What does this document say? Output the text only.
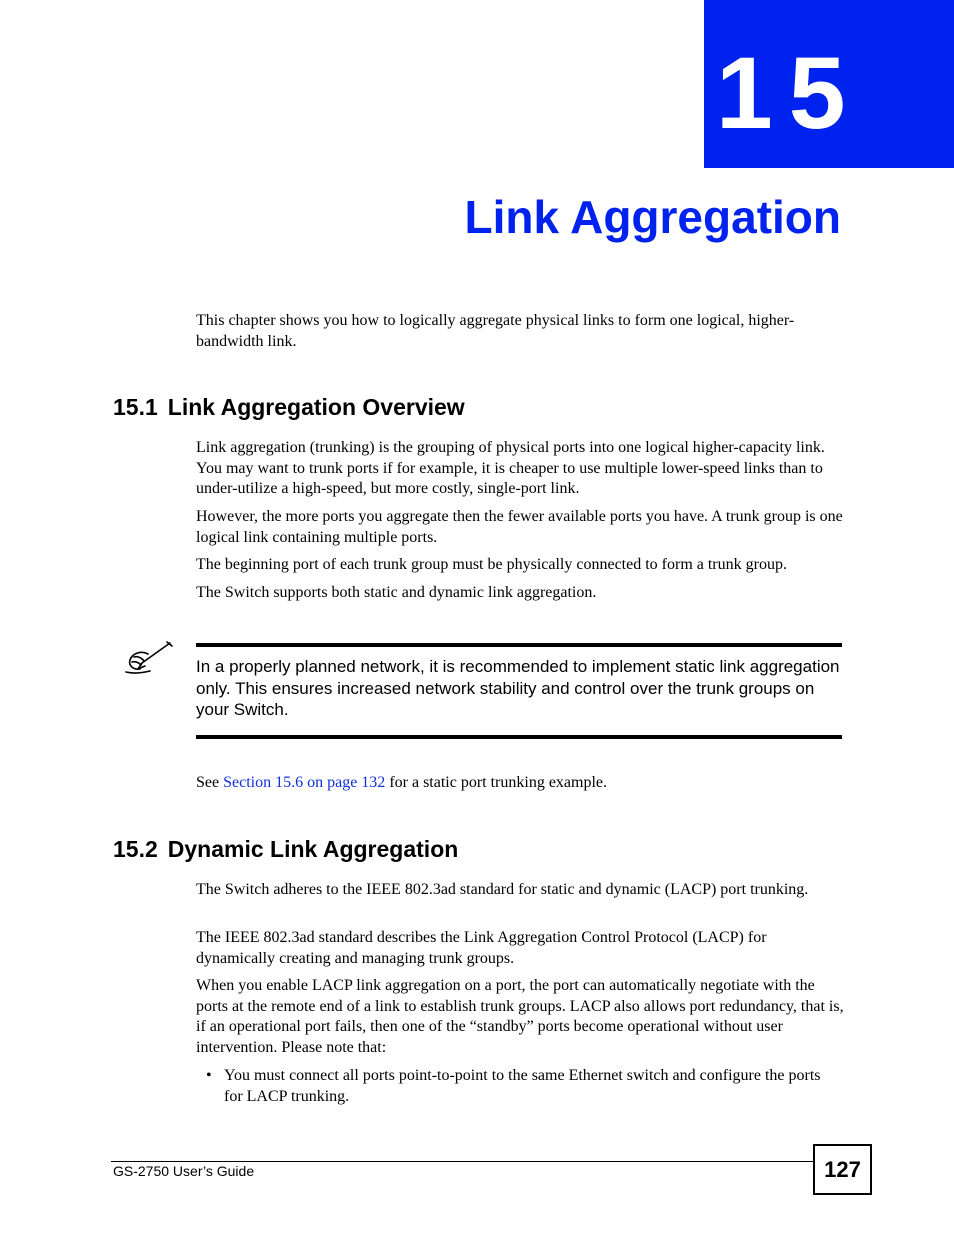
15
Link Aggregation

This chapter shows you how to logically aggregate physical links to form one logical, higher-bandwidth link.

15.1 Link Aggregation Overview

Link aggregation (trunking) is the grouping of physical ports into one logical higher-capacity link. You may want to trunk ports if for example, it is cheaper to use multiple lower-speed links than to under-utilize a high-speed, but more costly, single-port link.

However, the more ports you aggregate then the fewer available ports you have. A trunk group is one logical link containing multiple ports.

The beginning port of each trunk group must be physically connected to form a trunk group.

The Switch supports both static and dynamic link aggregation.

In a properly planned network, it is recommended to implement static link aggregation only. This ensures increased network stability and control over the trunk groups on your Switch.

See Section 15.6 on page 132 for a static port trunking example.

15.2 Dynamic Link Aggregation

The Switch adheres to the IEEE 802.3ad standard for static and dynamic (LACP) port trunking.

The IEEE 802.3ad standard describes the Link Aggregation Control Protocol (LACP) for dynamically creating and managing trunk groups.

When you enable LACP link aggregation on a port, the port can automatically negotiate with the ports at the remote end of a link to establish trunk groups. LACP also allows port redundancy, that is, if an operational port fails, then one of the “standby” ports become operational without user intervention. Please note that:

• You must connect all ports point-to-point to the same Ethernet switch and configure the ports for LACP trunking.
GS-2750 User’s Guide	127
